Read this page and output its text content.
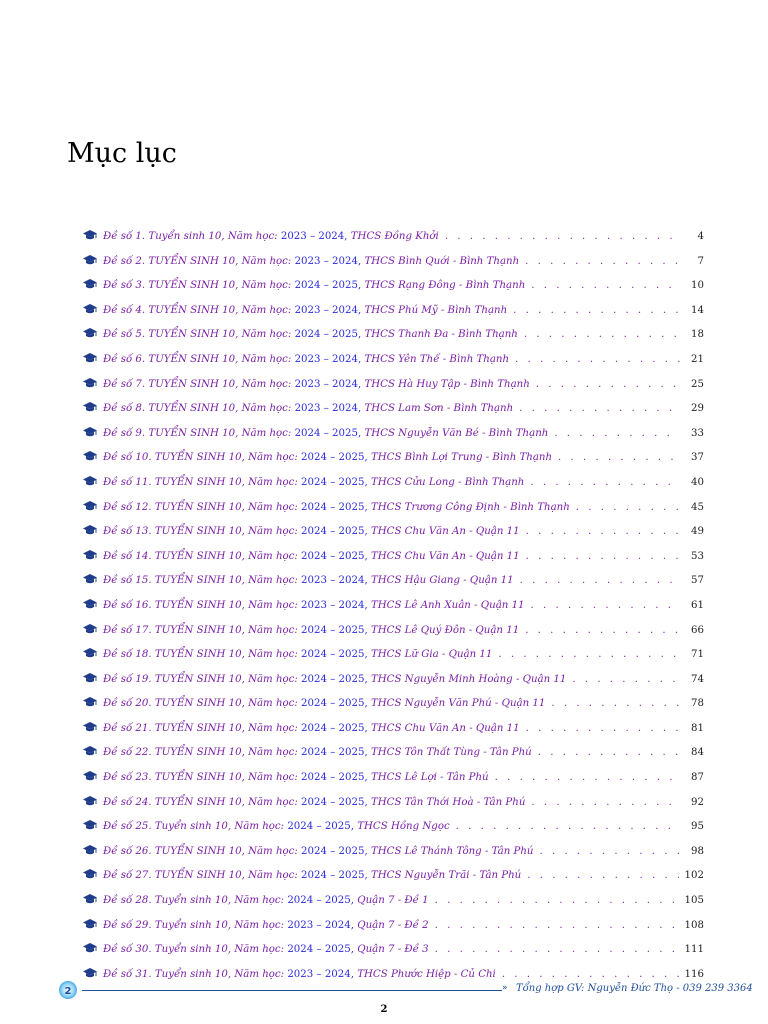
Mục lục
Đề số 1. Tuyển sinh 10, Năm học: 2023 – 2024, THCS Đồng Khởi . . .	4
Đề số 2. TUYỂN SINH 10, Năm học: 2023 – 2024, THCS Bình Quới - Bình Thạnh . . .	7
Đề số 3. TUYỂN SINH 10, Năm học: 2024 – 2025, THCS Rạng Đông - Bình Thạnh . . .	10
Đề số 4. TUYỂN SINH 10, Năm học: 2023 – 2024, THCS Phú Mỹ - Bình Thạnh . . .	14
Đề số 5. TUYỂN SINH 10, Năm học: 2024 – 2025, THCS Thanh Đa - Bình Thạnh . . .	18
Đề số 6. TUYỂN SINH 10, Năm học: 2023 – 2024, THCS Yên Thế - Bình Thạnh . . .	21
Đề số 7. TUYỂN SINH 10, Năm học: 2023 – 2024, THCS Hà Huy Tập - Bình Thạnh . . .	25
Đề số 8. TUYỂN SINH 10, Năm học: 2023 – 2024, THCS Lam Sơn - Bình Thạnh . . .	29
Đề số 9. TUYỂN SINH 10, Năm học: 2024 – 2025, THCS Nguyễn Văn Bé - Bình Thạnh . . .	33
Đề số 10. TUYỂN SINH 10, Năm học: 2024 – 2025, THCS Bình Lợi Trung - Bình Thạnh . . .	37
Đề số 11. TUYỂN SINH 10, Năm học: 2024 – 2025, THCS Cửu Long - Bình Thạnh . . .	40
Đề số 12. TUYỂN SINH 10, Năm học: 2024 – 2025, THCS Trương Công Định - Bình Thạnh . . .	45
Đề số 13. TUYỂN SINH 10, Năm học: 2024 – 2025, THCS Chu Văn An - Quận 11 . . .	49
Đề số 14. TUYỂN SINH 10, Năm học: 2024 – 2025, THCS Chu Văn An - Quận 11 . . .	53
Đề số 15. TUYỂN SINH 10, Năm học: 2023 – 2024, THCS Hậu Giang - Quận 11 . . .	57
Đề số 16. TUYỂN SINH 10, Năm học: 2023 – 2024, THCS Lê Anh Xuân - Quận 11 . . .	61
Đề số 17. TUYỂN SINH 10, Năm học: 2024 – 2025, THCS Lê Quý Đôn - Quận 11 . . .	66
Đề số 18. TUYỂN SINH 10, Năm học: 2024 – 2025, THCS Lữ Gia - Quận 11 . . .	71
Đề số 19. TUYỂN SINH 10, Năm học: 2024 – 2025, THCS Nguyễn Minh Hoàng - Quận 11 . . .	74
Đề số 20. TUYỂN SINH 10, Năm học: 2024 – 2025, THCS Nguyễn Văn Phú - Quận 11 . . .	78
Đề số 21. TUYỂN SINH 10, Năm học: 2024 – 2025, THCS Chu Văn An - Quận 11 . . .	81
Đề số 22. TUYỂN SINH 10, Năm học: 2024 – 2025, THCS Tôn Thất Tùng - Tân Phú . . .	84
Đề số 23. TUYỂN SINH 10, Năm học: 2024 – 2025, THCS Lê Lợi - Tân Phú . . .	87
Đề số 24. TUYỂN SINH 10, Năm học: 2024 – 2025, THCS Tân Thới Hoà - Tân Phú . . .	92
Đề số 25. Tuyển sinh 10, Năm học: 2024 – 2025, THCS Hồng Ngọc . . .	95
Đề số 26. TUYỂN SINH 10, Năm học: 2024 – 2025, THCS Lê Thánh Tông - Tân Phú . . .	98
Đề số 27. TUYỂN SINH 10, Năm học: 2024 – 2025, THCS Nguyễn Trãi - Tân Phú . . .	102
Đề số 28. Tuyển sinh 10, Năm học: 2024 – 2025, Quận 7 - Đề 1 . . .	105
Đề số 29. Tuyển sinh 10, Năm học: 2023 – 2024, Quận 7 - Đề 2 . . .	108
Đề số 30. Tuyển sinh 10, Năm học: 2024 – 2025, Quận 7 - Đề 3 . . .	111
Đề số 31. Tuyển sinh 10, Năm học: 2023 – 2024, THCS Phước Hiệp - Củ Chi . . .	116
2	» Tổng hợp GV: Nguyễn Đức Thọ - 039 239 3364
2
